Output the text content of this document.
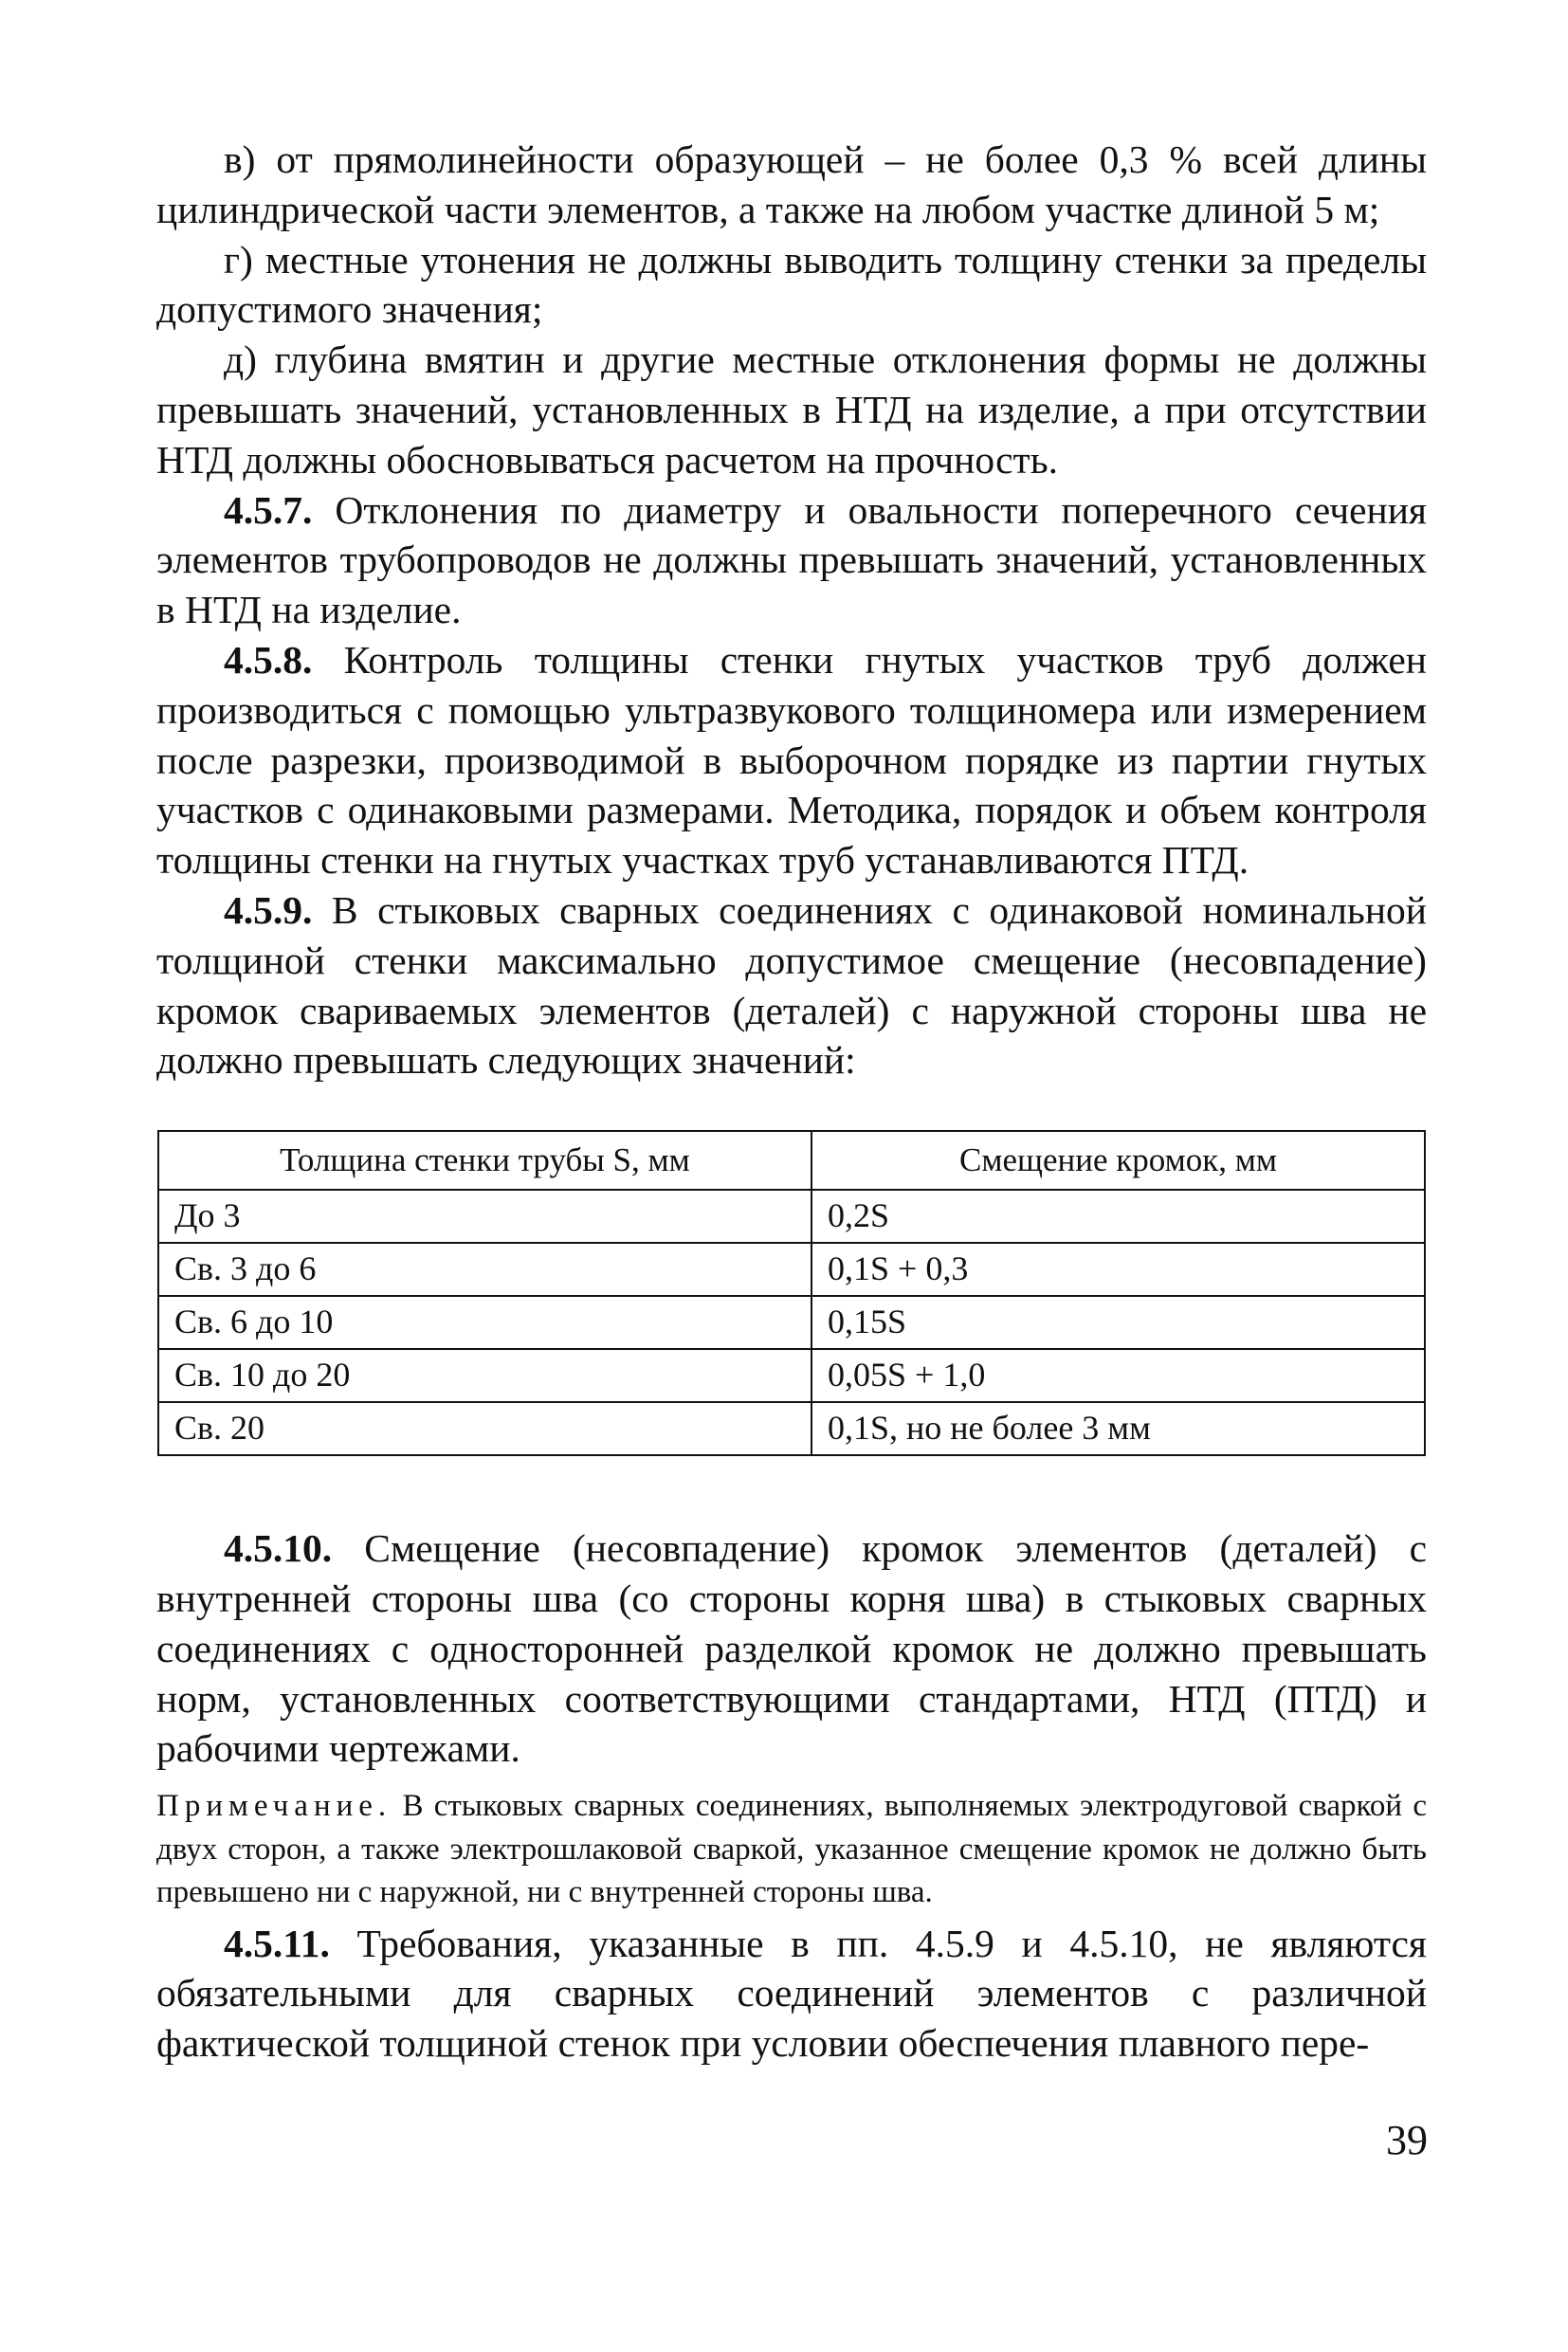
в) от прямолинейности образующей – не более 0,3 % всей длины цилиндрической части элементов, а также на любом участке длиной 5 м;

г) местные утонения не должны выводить толщину стенки за пределы допустимого значения;

д) глубина вмятин и другие местные отклонения формы не должны превышать значений, установленных в НТД на изделие, а при отсутствии НТД должны обосновываться расчетом на прочность.

4.5.7. Отклонения по диаметру и овальности поперечного сечения элементов трубопроводов не должны превышать значений, установленных в НТД на изделие.

4.5.8. Контроль толщины стенки гнутых участков труб должен производиться с помощью ультразвукового толщиномера или измерением после разрезки, производимой в выборочном порядке из партии гнутых участков с одинаковыми размерами. Методика, порядок и объем контроля толщины стенки на гнутых участках труб устанавливаются ПТД.

4.5.9. В стыковых сварных соединениях с одинаковой номинальной толщиной стенки максимально допустимое смещение (несовпадение) кромок свариваемых элементов (деталей) с наружной стороны шва не должно превышать следующих значений:

Толщина стенки трубы S, мм	Смещение кромок, мм
До 3	0,2S
Св. 3 до 6	0,1S + 0,3
Св. 6 до 10	0,15S
Св. 10 до 20	0,05S + 1,0
Св. 20	0,1S, но не более 3 мм

4.5.10. Смещение (несовпадение) кромок элементов (деталей) с внутренней стороны шва (со стороны корня шва) в стыковых сварных соединениях с односторонней разделкой кромок не должно превышать норм, установленных соответствующими стандартами, НТД (ПТД) и рабочими чертежами.

Примечание. В стыковых сварных соединениях, выполняемых электродуговой сваркой с двух сторон, а также электрошлаковой сваркой, указанное смещение кромок не должно быть превышено ни с наружной, ни с внутренней стороны шва.

4.5.11. Требования, указанные в пп. 4.5.9 и 4.5.10, не являются обязательными для сварных соединений элементов с различной фактической толщиной стенок при условии обеспечения плавного пере-

39
